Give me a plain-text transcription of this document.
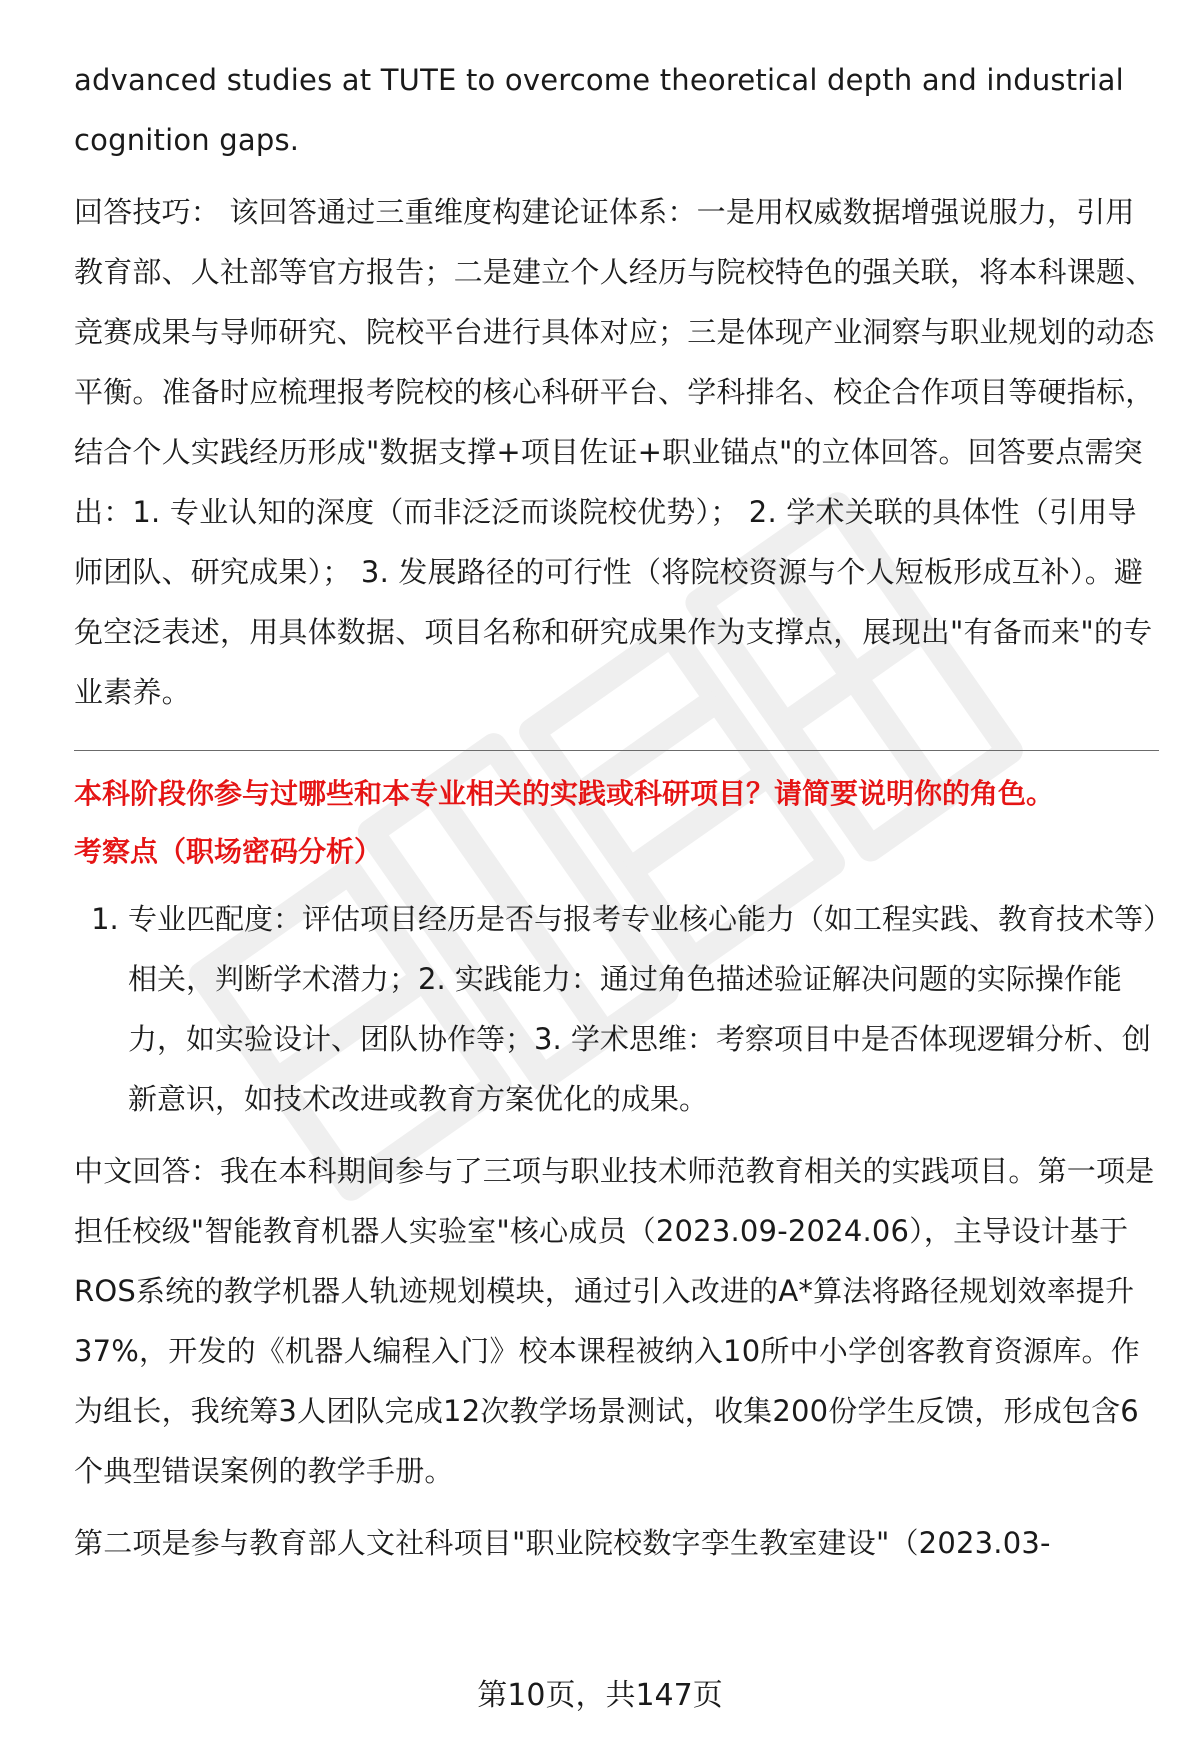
advanced studies at TUTE to overcome theoretical depth and industrial cognition gaps.

回答技巧： 该回答通过三重维度构建论证体系：一是用权威数据增强说服力，引用教育部、人社部等官方报告；二是建立个人经历与院校特色的强关联，将本科课题、竞赛成果与导师研究、院校平台进行具体对应；三是体现产业洞察与职业规划的动态平衡。准备时应梳理报考院校的核心科研平台、学科排名、校企合作项目等硬指标，结合个人实践经历形成"数据支撑+项目佐证+职业锚点"的立体回答。回答要点需突出：1. 专业认知的深度（而非泛泛而谈院校优势）； 2. 学术关联的具体性（引用导师团队、研究成果）； 3. 发展路径的可行性（将院校资源与个人短板形成互补）。避免空泛表述，用具体数据、项目名称和研究成果作为支撑点，展现出"有备而来"的专业素养。

本科阶段你参与过哪些和本专业相关的实践或科研项目？请简要说明你的角色。

考察点（职场密码分析）

1. 专业匹配度：评估项目经历是否与报考专业核心能力（如工程实践、教育技术等）相关，判断学术潜力；2. 实践能力：通过角色描述验证解决问题的实际操作能力，如实验设计、团队协作等；3. 学术思维：考察项目中是否体现逻辑分析、创新意识，如技术改进或教育方案优化的成果。

中文回答：我在本科期间参与了三项与职业技术师范教育相关的实践项目。第一项是担任校级"智能教育机器人实验室"核心成员（2023.09-2024.06），主导设计基于ROS系统的教学机器人轨迹规划模块，通过引入改进的A*算法将路径规划效率提升37%，开发的《机器人编程入门》校本课程被纳入10所中小学创客教育资源库。作为组长，我统筹3人团队完成12次教学场景测试，收集200份学生反馈，形成包含6个典型错误案例的教学手册。

第二项是参与教育部人文社科项目"职业院校数字孪生教室建设"（2023.03-

第10页，共147页
